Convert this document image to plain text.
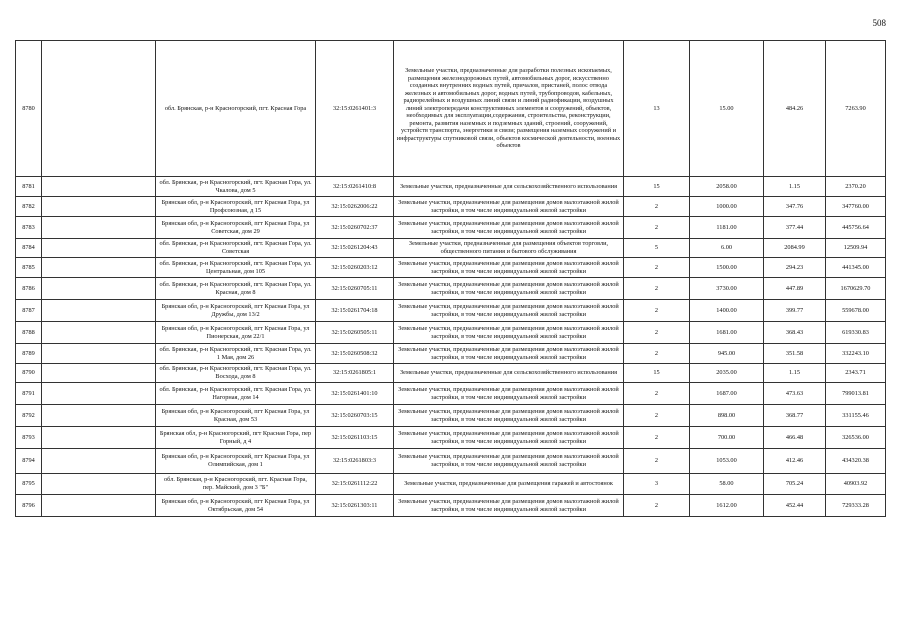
508
8780		обл. Брянская, р-н Красногорский, пгт. Красная Гора	32:15:0261401:3	Земельные участки, предназначенные для разработки полезных ископаемых, размещения железнодорожных путей, автомобильных дорог, искусственно созданных внутренних водных путей, причалов, пристаней, полос отвода железных и автомобильных дорог, водных путей, трубопроводов, кабельных, радиорелейных и воздушных линий связи и линий радиофикации, воздушных линий электропередачи конструктивных элементов и сооружений, объектов, необходимых для эксплуатации,содержания, строительства, реконструкции, ремонта, развития наземных и подземных зданий, строений, сооружений, устройств транспорта, энергетики и связи; размещения наземных сооружений и инфраструктуры спутниковой связи, объектов космической деятельности, военных объектов	13	15.00	484.26	7263.90
8781		обл. Брянская, р-н Красногорский, пгт. Красная Гора, ул. Чкалова, дом 5	32:15:0261410:8	Земельные участки, предназначенные для сельскохозяйственного использования	15	2058.00	1.15	2370.20
8782		Брянская обл, р-н Красногорский, пгт Красная Гора, ул Профсоюзная, д 15	32:15:0262006:22	Земельные участки, предназначенные для размещения домов малоэтажной жилой застройки, в том числе индивидуальной жилой застройки	2	1000.00	347.76	347760.00
8783		Брянская обл, р-н Красногорский, пгт Красная Гора, ул Советская, дом 29	32:15:0260702:37	Земельные участки, предназначенные для размещения домов малоэтажной жилой застройки, в том числе индивидуальной жилой застройки	2	1181.00	377.44	445756.64
8784		обл. Брянская, р-н Красногорский, пгт. Красная Гора, ул. Советская	32:15:0261204:43	Земельные участки, предназначенные для размещения объектов торговли, общественного питания и бытового обслуживания	5	6.00	2084.99	12509.94
8785		обл. Брянская, р-н Красногорский, пгт. Красная Гора, ул. Центральная, дом 105	32:15:0260203:12	Земельные участки, предназначенные для размещения домов малоэтажной жилой застройки, в том числе индивидуальной жилой застройки	2	1500.00	294.23	441345.00
8786		обл. Брянская, р-н Красногорский, пгт. Красная Гора, ул. Красная, дом 8	32:15:0260705:11	Земельные участки, предназначенные для размещения домов малоэтажной жилой застройки, в том числе индивидуальной жилой застройки	2	3730.00	447.89	1670629.70
8787		Брянская обл, р-н Красногорский, пгт Красная Гора, ул Дружбы, дом 13/2	32:15:0261704:18	Земельные участки, предназначенные для размещения домов малоэтажной жилой застройки, в том числе индивидуальной жилой застройки	2	1400.00	399.77	559678.00
8788		Брянская обл, р-н Красногорский, пгт Красная Гора, ул Пионерская, дом 22/1	32:15:0260505:11	Земельные участки, предназначенные для размещения домов малоэтажной жилой застройки, в том числе индивидуальной жилой застройки	2	1681.00	368.43	619330.83
8789		обл. Брянская, р-н Красногорский, пгт. Красная Гора, ул. 1 Мая, дом 26	32:15:0260508:32	Земельные участки, предназначенные для размещения домов малоэтажной жилой застройки, в том числе индивидуальной жилой застройки	2	945.00	351.58	332243.10
8790		обл. Брянская, р-н Красногорский, пгт. Красная Гора, ул. Восхода, дом 8	32:15:0261805:1	Земельные участки, предназначенные для сельскохозяйственного использования	15	2035.00	1.15	2343.71
8791		обл. Брянская, р-н Красногорский, пгт. Красная Гора, ул. Нагорная, дом 14	32:15:0261401:10	Земельные участки, предназначенные для размещения домов малоэтажной жилой застройки, в том числе индивидуальной жилой застройки	2	1687.00	473.63	799013.81
8792		Брянская обл, р-н Красногорский, пгт Красная Гора, ул Красная, дом 53	32:15:0260703:15	Земельные участки, предназначенные для размещения домов малоэтажной жилой застройки, в том числе индивидуальной жилой застройки	2	898.00	368.77	331155.46
8793		Брянская обл, р-н Красногорский, пгт Красная Гора, пер Горный, д 4	32:15:0261103:15	Земельные участки, предназначенные для размещения домов малоэтажной жилой застройки, в том числе индивидуальной жилой застройки	2	700.00	466.48	326536.00
8794		Брянская обл, р-н Красногорский, пгт Красная Гора, ул Олимпийская, дом 1	32:15:0261803:3	Земельные участки, предназначенные для размещения домов малоэтажной жилой застройки, в том числе индивидуальной жилой застройки	2	1053.00	412.46	434320.38
8795		обл. Брянская, р-н Красногорский, пгт. Красная Гора, пер. Майский, дом 3 "Б"	32:15:0261112:22	Земельные участки, предназначенные для размещения гаражей и автостоянок	3	58.00	705.24	40903.92
8796		Брянская обл, р-н Красногорский, пгт Красная Гора, ул Октябрьская, дом 54	32:15:0261303:11	Земельные участки, предназначенные для размещения домов малоэтажной жилой застройки, в том числе индивидуальной жилой застройки	2	1612.00	452.44	729333.28
